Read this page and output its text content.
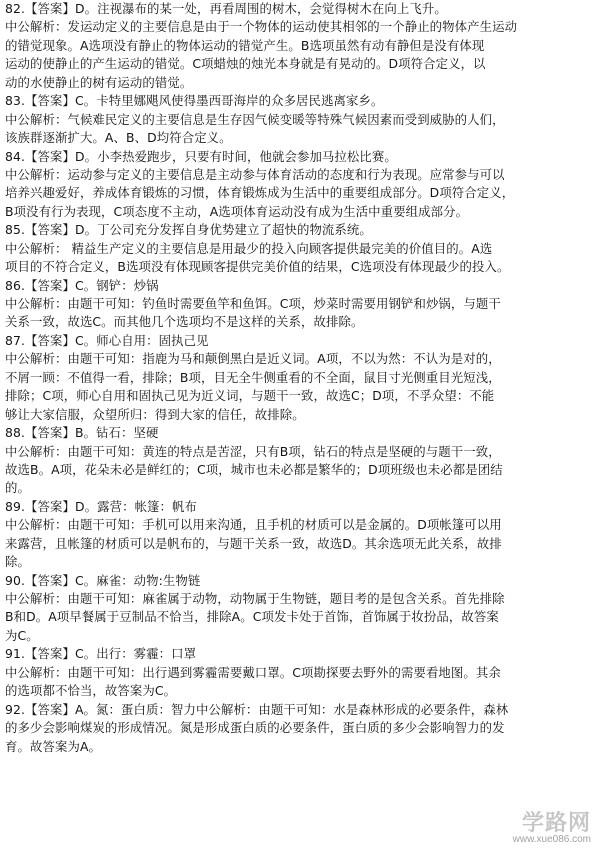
82.【答案】D。注视瀑布的某一处，再看周围的树木，会觉得树木在向上飞升。
中公解析：发运动定义的主要信息是由于一个物体的运动使其相邻的一个静止的物体产生运动
的错觉现象。A选项没有静止的物体运动的错觉产生。B选项虽然有动有静但是没有体现
运动的使静止的产生运动的错觉。C项蜡烛的烛光本身就是有晃动的。D项符合定义，以
动的水使静止的树有运动的错觉。
83.【答案】C。卡特里娜飓风使得墨西哥海岸的众多居民逃离家乡。
中公解析：气候难民定义的主要信息是生存因气候变暖等特殊气候因素而受到威胁的人们，
该族群逐渐扩大。A、B、D均符合定义。
84.【答案】D。小李热爱跑步，只要有时间，他就会参加马拉松比赛。
中公解析：运动参与定义的主要信息是主动参与体育活动的态度和行为表现。应常参与可以
培养兴趣爱好，养成体育锻炼的习惯，体育锻炼成为生活中的重要组成部分。D项符合定义，
B项没有行为表现，C项态度不主动，A选项体育运动没有成为生活中重要组成部分。
85.【答案】D。丁公司充分发挥自身优势建立了超快的物流系统。
中公解析： 精益生产定义的主要信息是用最少的投入向顾客提供最完美的价值目的。A选
项目的不符合定义，B选项没有体现顾客提供完美价值的结果，C选项没有体现最少的投入。
86.【答案】C。钢铲：炒锅
中公解析：由题干可知：钓鱼时需要鱼竿和鱼饵。C项，炒菜时需要用钢铲和炒锅，与题干
关系一致，故选C。而其他几个选项均不是这样的关系，故排除。
87.【答案】C。师心自用：固执己见
中公解析：由题干可知：指鹿为马和颠倒黑白是近义词。A项，不以为然：不认为是对的，
不屑一顾：不值得一看，排除；B项，目无全牛侧重看的不全面，鼠目寸光侧重目光短浅，
排除；C项，师心自用和固执己见为近义词，与题干一致，故选C；D项，不孚众望：不能
够让大家信服，众望所归：得到大家的信任，故排除。
88.【答案】B。钻石：坚硬
中公解析：由题干可知：黄连的特点是苦涩，只有B项，钻石的特点是坚硬的与题干一致，
故选B。A项，花朵未必是鲜红的；C项，城市也未必都是繁华的；D项班级也未必都是团结
的。
89.【答案】D。露营：帐篷：帆布
中公解析：由题干可知：手机可以用来沟通，且手机的材质可以是金属的。D项帐篷可以用
来露营，且帐篷的材质可以是帆布的，与题干关系一致，故选D。其余选项无此关系，故排
除。
90.【答案】C。麻雀：动物:生物链
中公解析：由题干可知：麻雀属于动物，动物属于生物链，题目考的是包含关系。首先排除
B和D。A项早餐属于豆制品不恰当，排除A。C项发卡处于首饰，首饰属于妆扮品，故答案
为C。
91.【答案】C。出行：雾霾：口罩
中公解析：由题干可知：出行遇到雾霾需要戴口罩。C项勘探要去野外的需要看地图。其余
的选项都不恰当，故答案为C。
92.【答案】A。氮：蛋白质：智力中公解析：由题干可知：水是森林形成的必要条件，森林
的多少会影响煤炭的形成情况。氮是形成蛋白质的必要条件，蛋白质的多少会影响智力的发
育。故答案为A。
学路网
www.xue086.com
